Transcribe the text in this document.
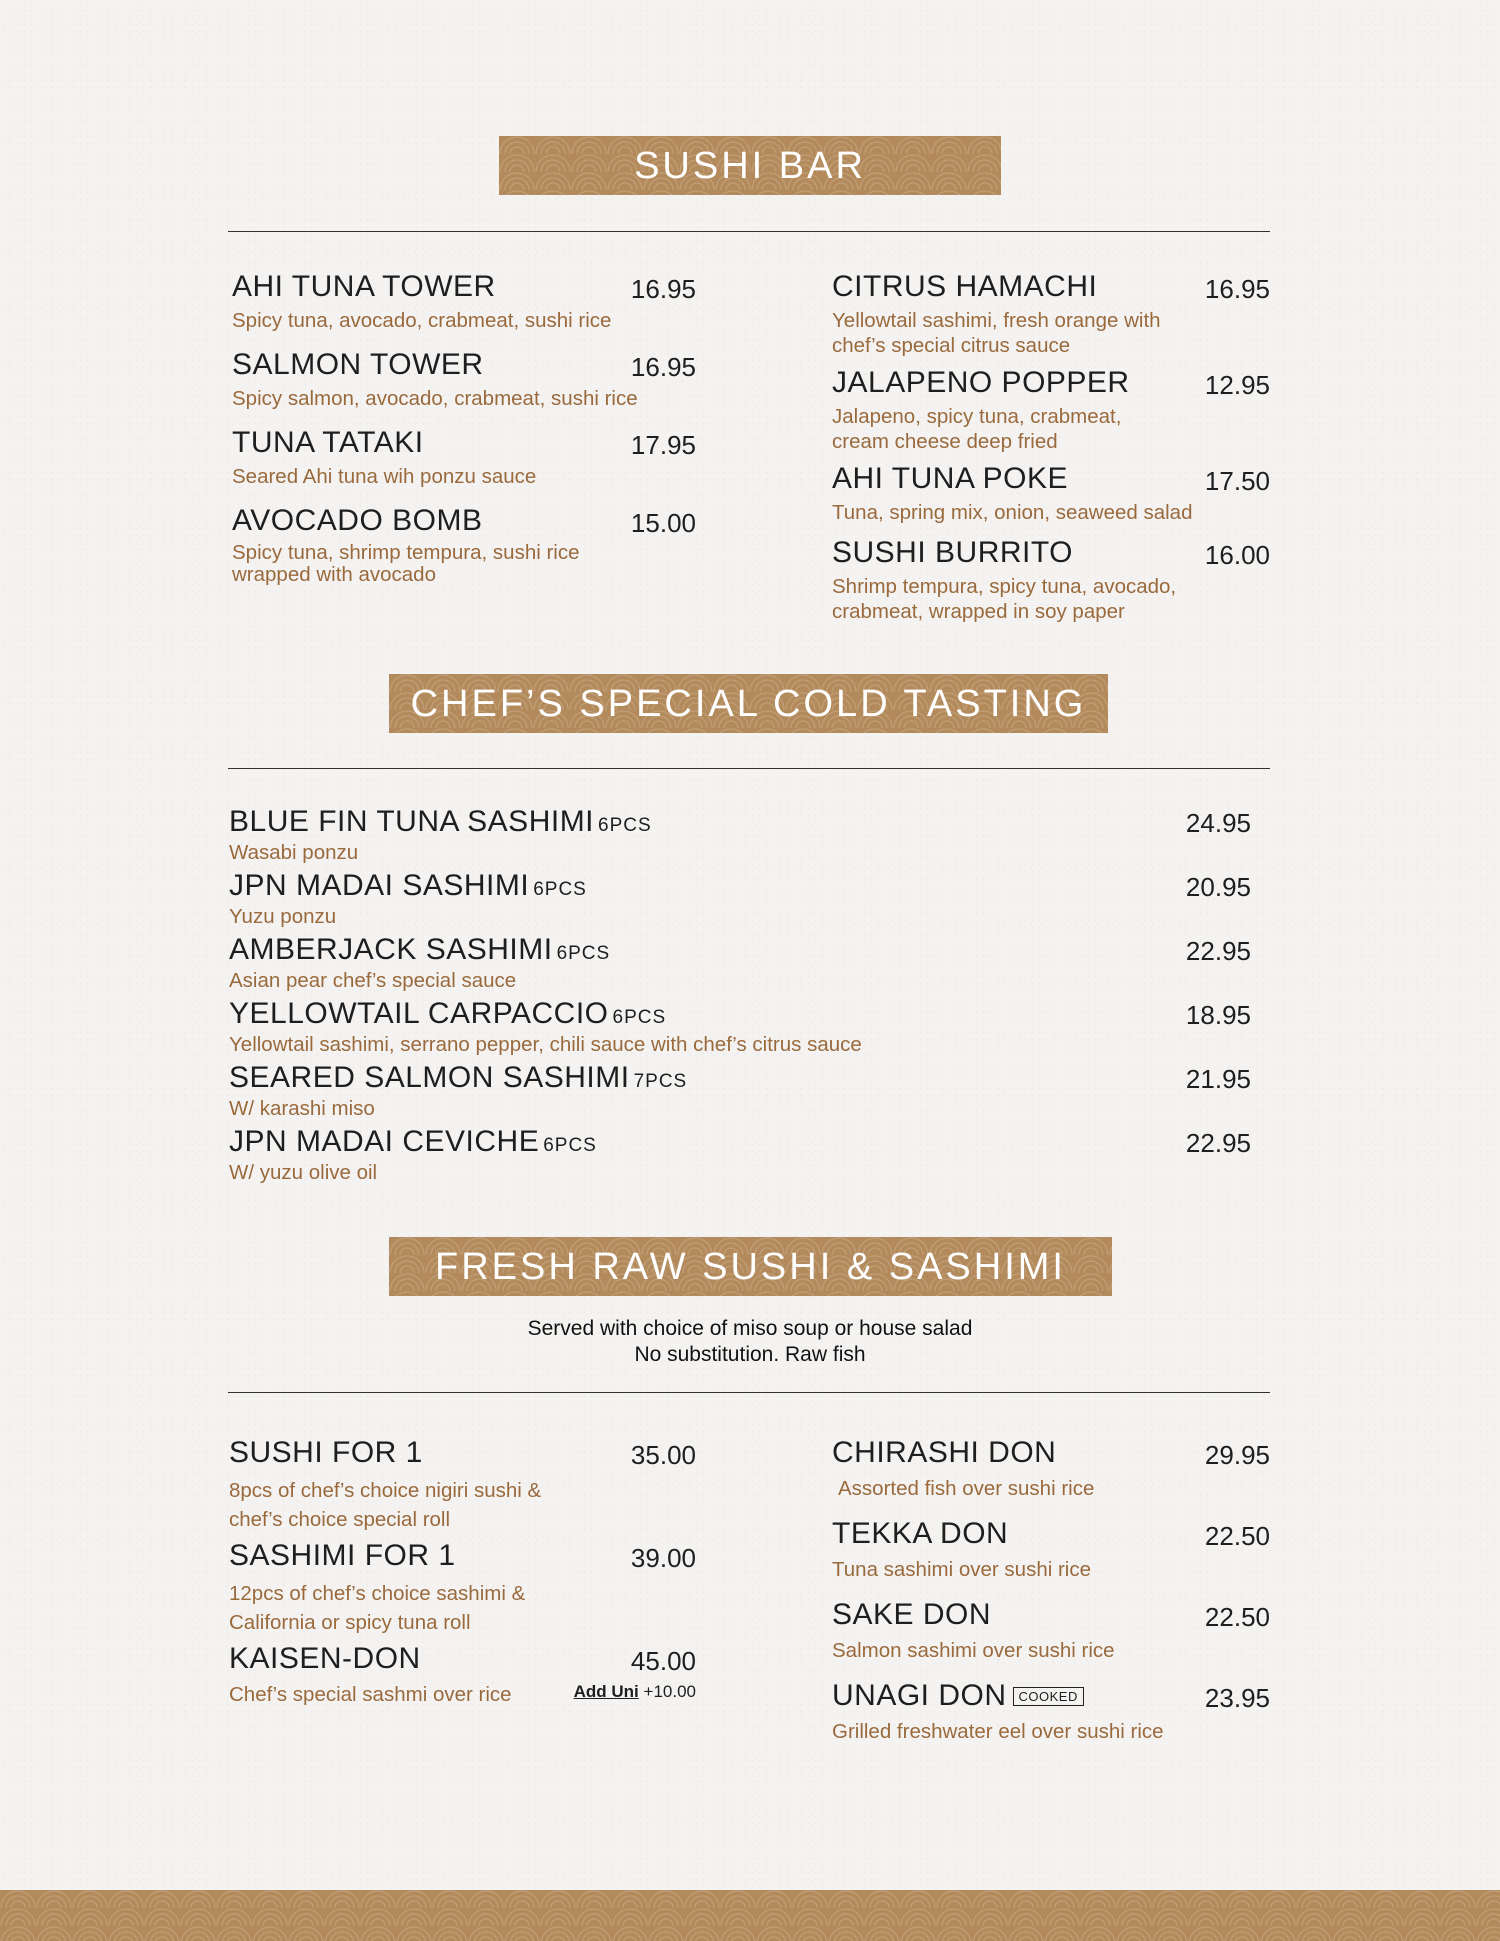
SUSHI BAR
AHI TUNA TOWER
Spicy tuna, avocado, crabmeat, sushi rice
16.95
SALMON TOWER
Spicy salmon, avocado, crabmeat, sushi rice
16.95
TUNA TATAKI
Seared Ahi tuna wih ponzu sauce
17.95
AVOCADO BOMB
Spicy tuna, shrimp tempura, sushi rice
wrapped with avocado
15.00
CITRUS HAMACHI
Yellowtail sashimi, fresh orange with
chef’s special citrus sauce
16.95
JALAPENO POPPER
Jalapeno, spicy tuna, crabmeat,
cream cheese deep fried
12.95
AHI TUNA POKE
Tuna, spring mix, onion, seaweed salad
17.50
SUSHI BURRITO
Shrimp tempura, spicy tuna, avocado,
crabmeat, wrapped in soy paper
16.00
CHEF’S SPECIAL COLD TASTING
BLUE FIN TUNA SASHIMI 6PCS
Wasabi ponzu
24.95
JPN MADAI SASHIMI 6PCS
Yuzu ponzu
20.95
AMBERJACK SASHIMI 6PCS
Asian pear chef’s special sauce
22.95
YELLOWTAIL CARPACCIO 6PCS
Yellowtail sashimi, serrano pepper, chili sauce with chef’s citrus sauce
18.95
SEARED SALMON SASHIMI 7PCS
W/ karashi miso
21.95
JPN MADAI CEVICHE 6PCS
W/ yuzu olive oil
22.95
FRESH RAW SUSHI & SASHIMI
Served with choice of miso soup or house salad
No substitution. Raw fish
SUSHI FOR 1
8pcs of chef’s choice nigiri sushi &
chef’s choice special roll
35.00
SASHIMI FOR 1
12pcs of chef’s choice sashimi &
California or spicy tuna roll
39.00
KAISEN-DON
Chef’s special sashmi over rice
45.00
Add Uni +10.00
CHIRASHI DON
Assorted fish over sushi rice
29.95
TEKKA DON
Tuna sashimi over sushi rice
22.50
SAKE DON
Salmon sashimi over sushi rice
22.50
UNAGI DON COOKED
Grilled freshwater eel over sushi rice
23.95
